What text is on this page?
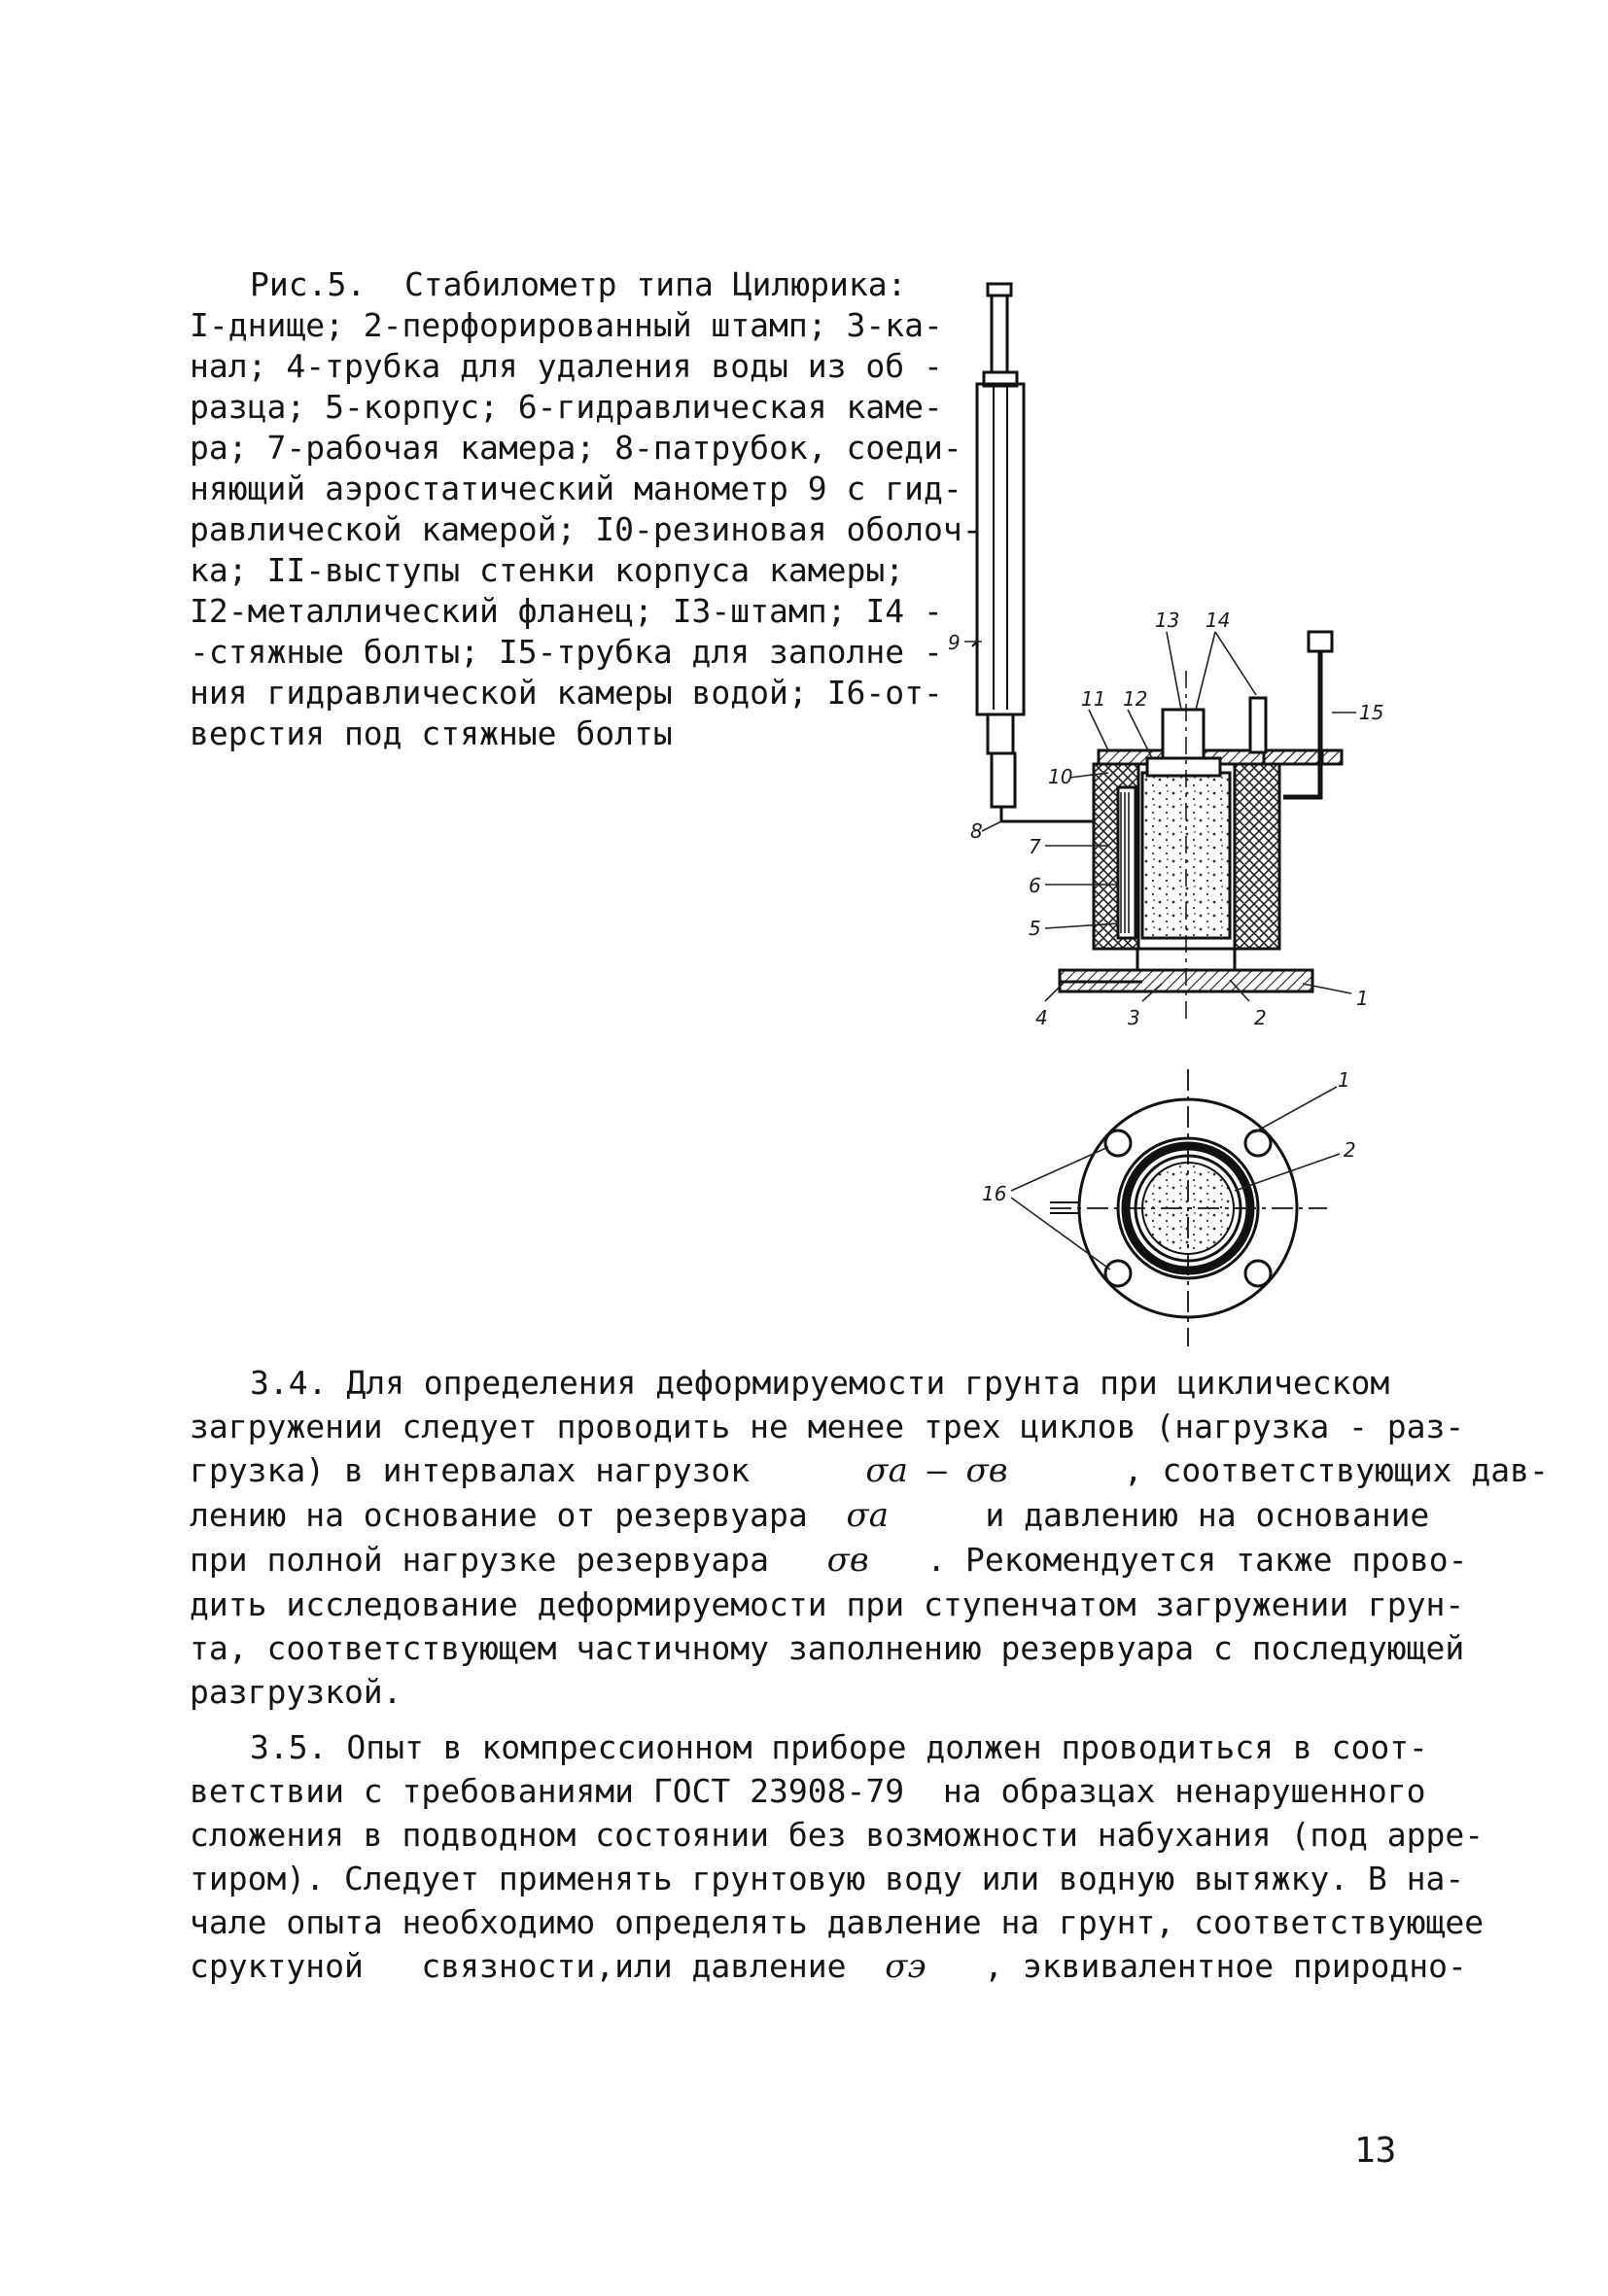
Рис.5.  Стабилометр типа Цилюрика:
I-днище; 2-перфорированный штамп; 3-ка-
нал; 4-трубка для удаления воды из об -
разца; 5-корпус; 6-гидравлическая каме-
ра; 7-рабочая камера; 8-патрубок, соеди-
няющий аэростатический манометр 9 с гид-
равлической камерой; I0-резиновая оболоч-
ка; II-выступы стенки корпуса камеры;
I2-металлический фланец; I3-штамп; I4 -
-стяжные болты; I5-трубка для заполне -
ния гидравлической камеры водой; I6-от-
верстия под стяжные болты
9
8
7
6
5
10
11 12
13 14
15
4	3	2
1
1
2
16
3.4. Для определения деформируемости грунта при циклическом
загружении следует проводить не менее трех циклов (нагрузка - раз-
грузка) в интервалах нагрузок	σa – σв	, соответствующих дав-
лению на основание от резервуара σa	и давлению на основание
при полной нагрузке резервуара σв . Рекомендуется также прово-
дить исследование деформируемости при ступенчатом загружении грун-
та, соответствующем частичному заполнению резервуара с последующей
разгрузкой.
3.5. Опыт в компрессионном приборе должен проводиться в соот-
ветствии с требованиями ГОСТ 23908-79  на образцах ненарушенного
сложения в подводном состоянии без возможности набухания (под арре-
тиром). Следует применять грунтовую воду или водную вытяжку. В на-
чале опыта необходимо определять давление на грунт, соответствующее
сруктуной   связности,или давление σэ , эквивалентное природно-
13
